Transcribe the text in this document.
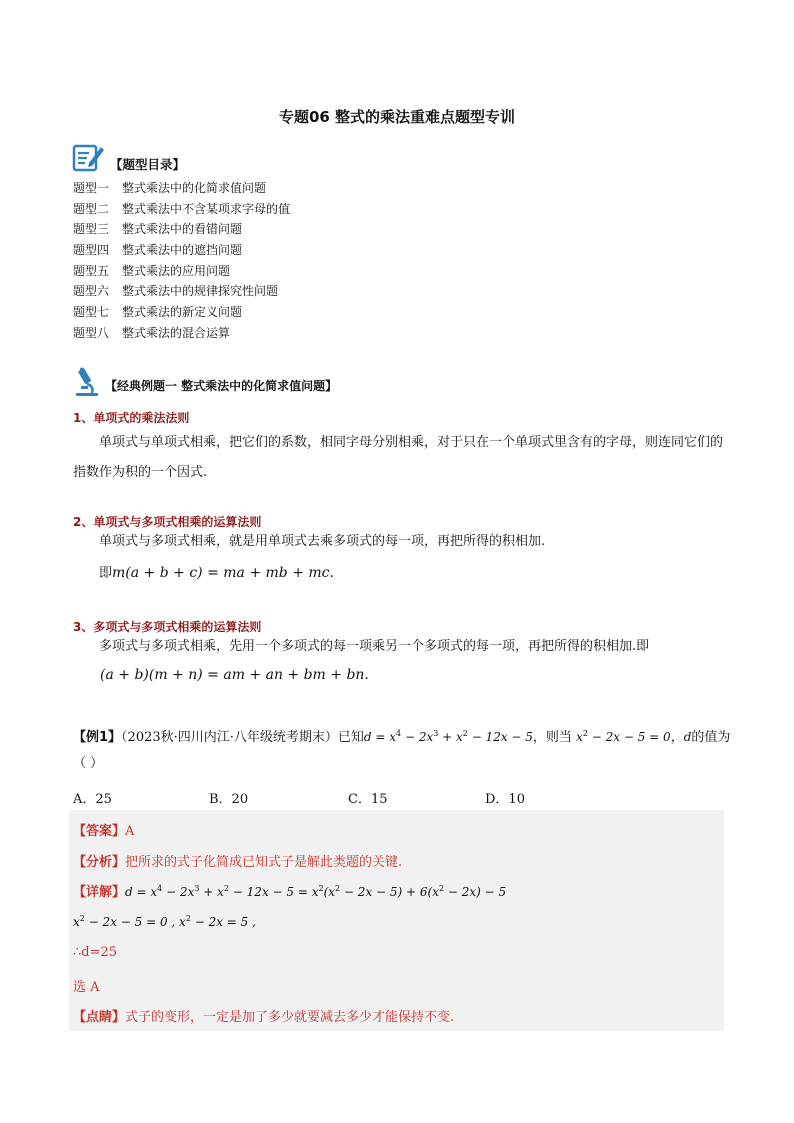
专题06 整式的乘法重难点题型专训
【题型目录】
题型一 整式乘法中的化简求值问题
题型二 整式乘法中不含某项求字母的值
题型三 整式乘法中的看错问题
题型四 整式乘法中的遮挡问题
题型五 整式乘法的应用问题
题型六 整式乘法中的规律探究性问题
题型七 整式乘法的新定义问题
题型八 整式乘法的混合运算
【经典例题一 整式乘法中的化简求值问题】
1、单项式的乘法法则
单项式与单项式相乘，把它们的系数，相同字母分别相乘，对于只在一个单项式里含有的字母，则连同它们的指数作为积的一个因式.
2、单项式与多项式相乘的运算法则
单项式与多项式相乘，就是用单项式去乘多项式的每一项，再把所得的积相加.
即m(a + b + c) = ma + mb + mc.
3、多项式与多项式相乘的运算法则
多项式与多项式相乘，先用一个多项式的每一项乘另一个多项式的每一项，再把所得的积相加.即
(a + b)(m + n) = am + an + bm + bn.
【例1】（2023秋·四川内江·八年级统考期末）已知$d = x^4 - 2x^3 + x^2 - 12x - 5$，则当 $x^2 - 2x - 5 = 0$，d的值为
（ ）
A．25	B．20	C．15	D．10
【答案】A
【分析】把所求的式子化简成已知式子是解此类题的关键.
【详解】$d = x^4 - 2x^3 + x^2 - 12x - 5 = x^2(x^2 - 2x - 5) + 6(x^2 - 2x) - 5$
$x^2 - 2x - 5 = 0$ , $x^2 - 2x = 5$ ,
∴d=25
选 A
【点睛】式子的变形，一定是加了多少就要减去多少才能保持不变.
